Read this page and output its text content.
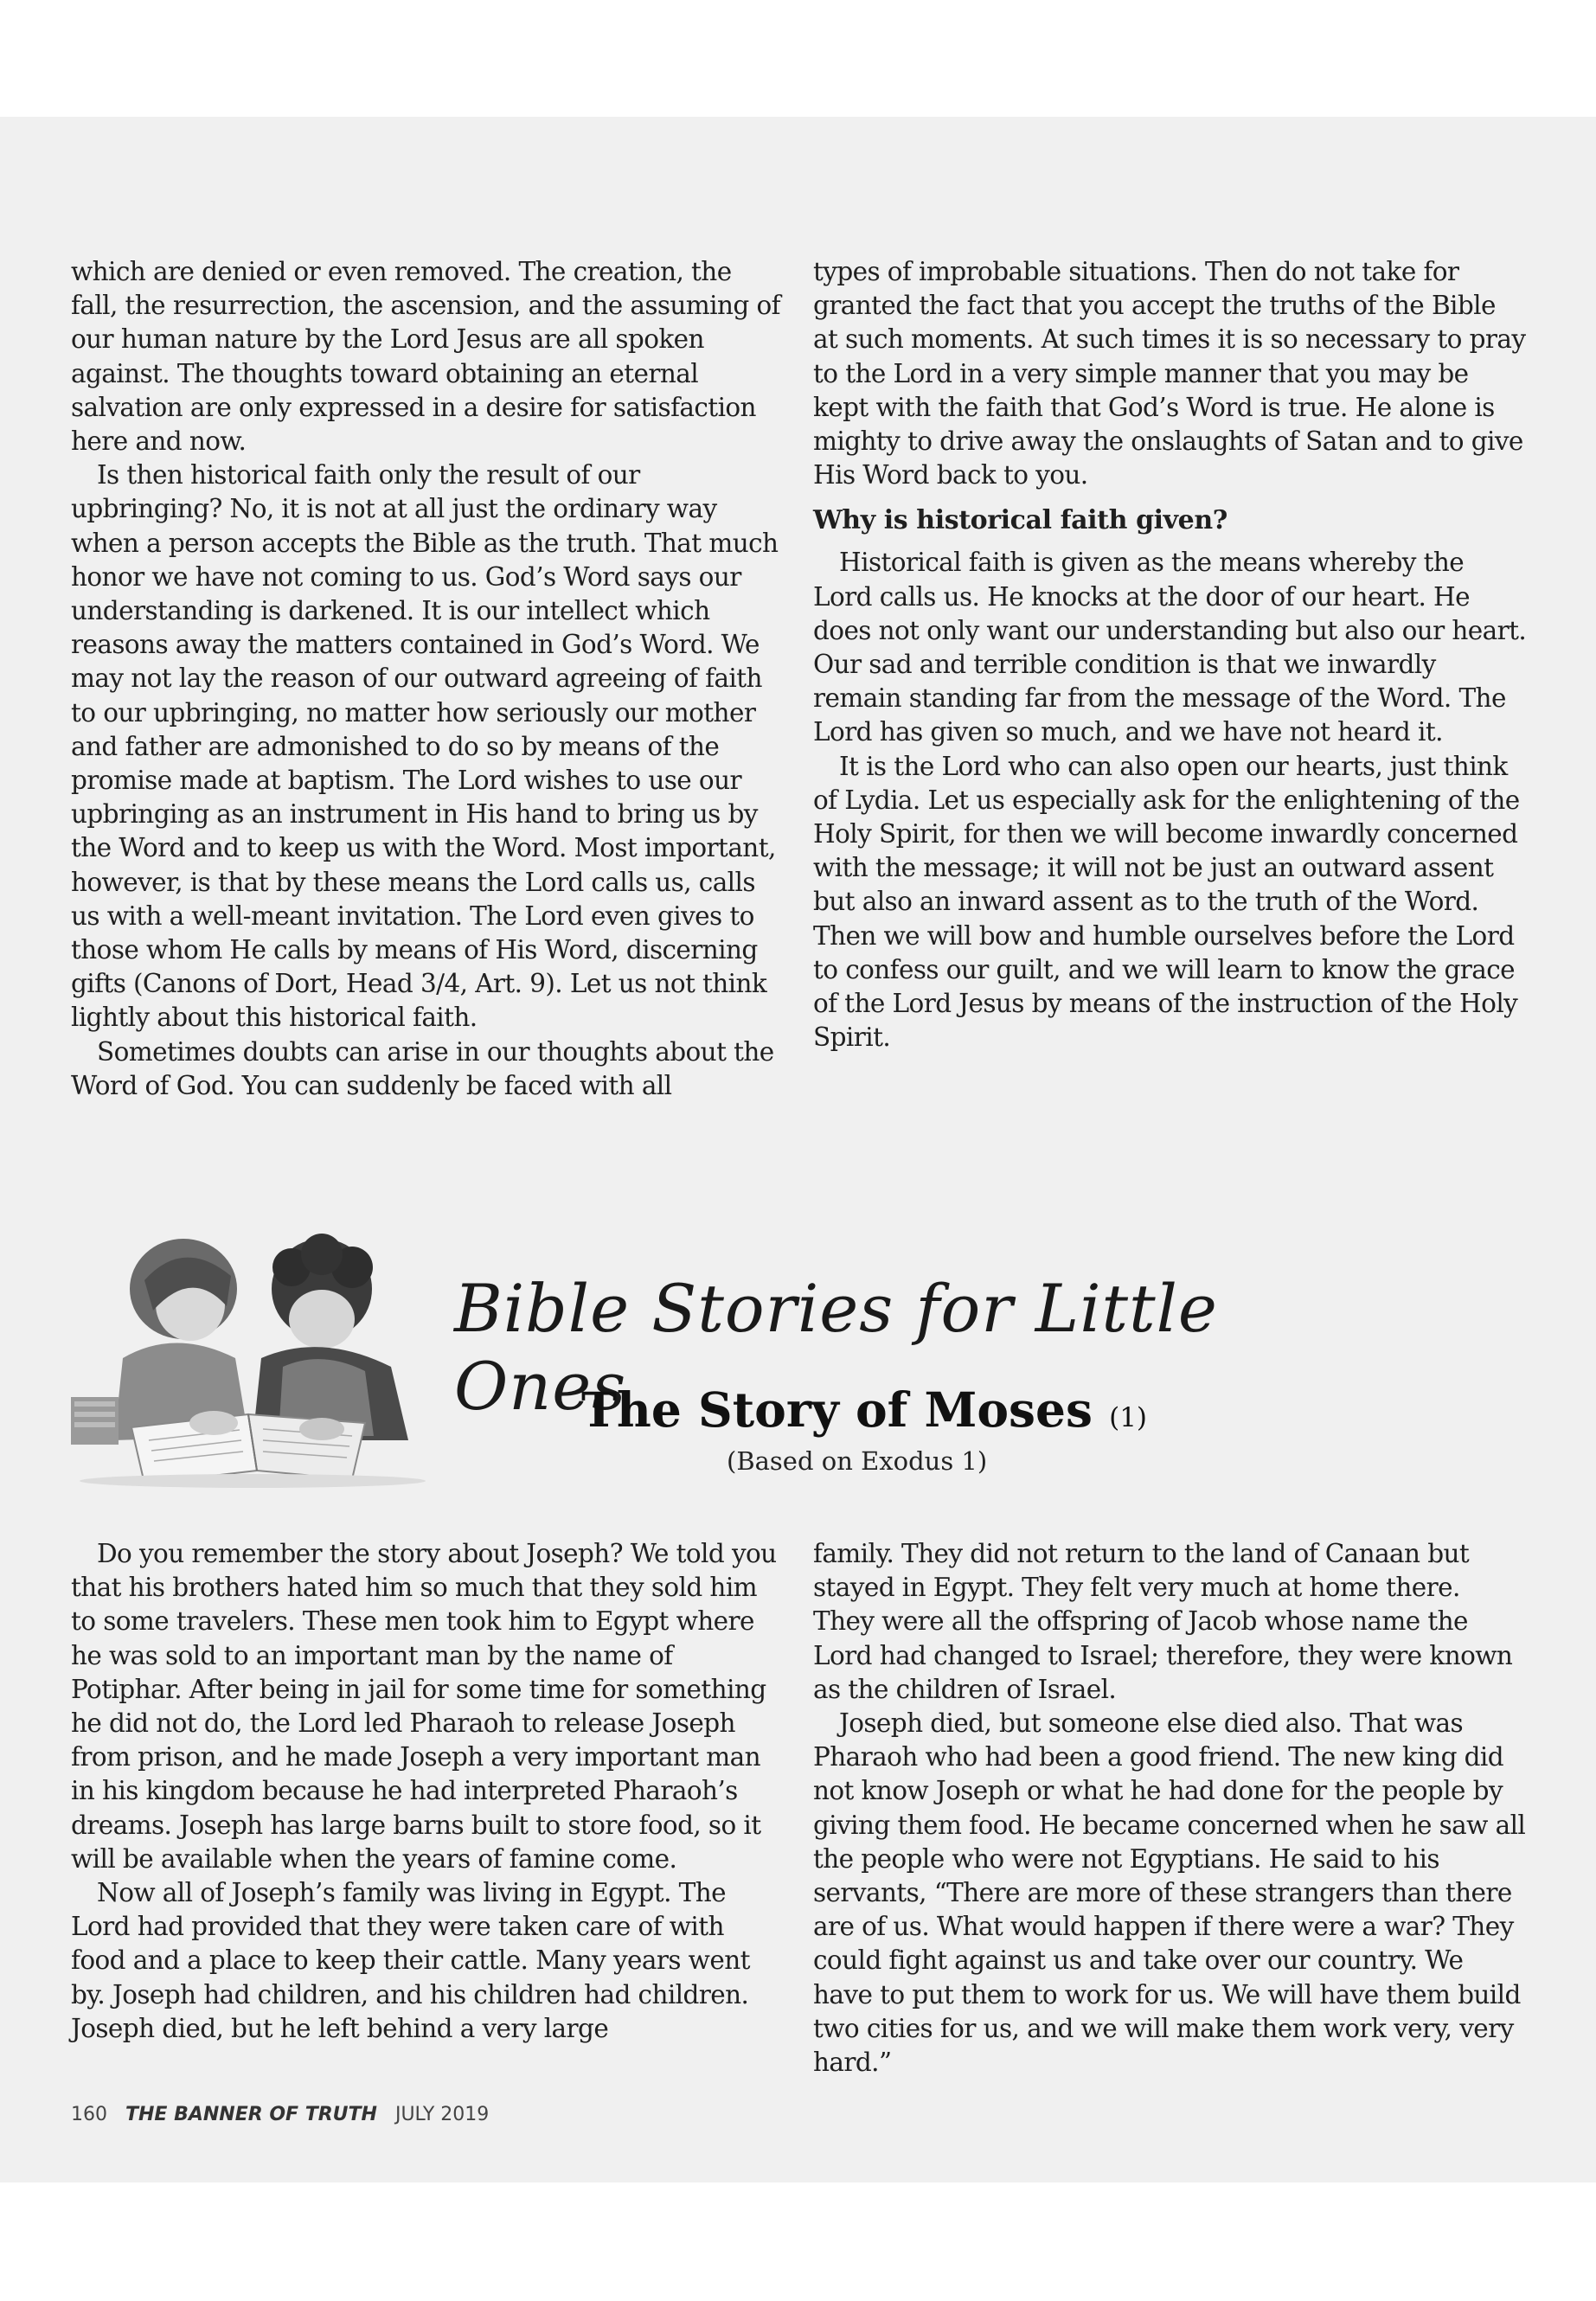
which are denied or even removed. The creation, the fall, the resurrection, the ascension, and the assuming of our human nature by the Lord Jesus are all spoken against. The thoughts toward obtaining an eternal salvation are only expressed in a desire for satisfaction here and now.

Is then historical faith only the result of our upbringing? No, it is not at all just the ordinary way when a person accepts the Bible as the truth. That much honor we have not coming to us. God’s Word says our understanding is darkened. It is our intellect which reasons away the matters contained in God’s Word. We may not lay the reason of our outward agreeing of faith to our upbringing, no matter how seriously our mother and father are admonished to do so by means of the promise made at baptism. The Lord wishes to use our upbringing as an instrument in His hand to bring us by the Word and to keep us with the Word. Most important, however, is that by these means the Lord calls us, calls us with a well-meant invitation. The Lord even gives to those whom He calls by means of His Word, discerning gifts (Canons of Dort, Head 3/4, Art. 9). Let us not think lightly about this historical faith.

Sometimes doubts can arise in our thoughts about the Word of God. You can suddenly be faced with all

types of improbable situations. Then do not take for granted the fact that you accept the truths of the Bible at such moments. At such times it is so necessary to pray to the Lord in a very simple manner that you may be kept with the faith that God’s Word is true. He alone is mighty to drive away the onslaughts of Satan and to give His Word back to you.

Why is historical faith given?

Historical faith is given as the means whereby the Lord calls us. He knocks at the door of our heart. He does not only want our understanding but also our heart. Our sad and terrible condition is that we inwardly remain standing far from the message of the Word. The Lord has given so much, and we have not heard it.

It is the Lord who can also open our hearts, just think of Lydia. Let us especially ask for the enlightening of the Holy Spirit, for then we will become inwardly concerned with the message; it will not be just an outward assent but also an inward assent as to the truth of the Word. Then we will bow and humble ourselves before the Lord to confess our guilt, and we will learn to know the grace of the Lord Jesus by means of the instruction of the Holy Spirit.

Bible Stories for Little Ones
The Story of Moses (1)
(Based on Exodus 1)

Do you remember the story about Joseph? We told you that his brothers hated him so much that they sold him to some travelers. These men took him to Egypt where he was sold to an important man by the name of Potiphar. After being in jail for some time for something he did not do, the Lord led Pharaoh to release Joseph from prison, and he made Joseph a very important man in his kingdom because he had interpreted Pharaoh’s dreams. Joseph has large barns built to store food, so it will be available when the years of famine come.

Now all of Joseph’s family was living in Egypt. The Lord had provided that they were taken care of with food and a place to keep their cattle. Many years went by. Joseph had children, and his children had children. Joseph died, but he left behind a very large

family. They did not return to the land of Canaan but stayed in Egypt. They felt very much at home there. They were all the offspring of Jacob whose name the Lord had changed to Israel; therefore, they were known as the children of Israel.

Joseph died, but someone else died also. That was Pharaoh who had been a good friend. The new king did not know Joseph or what he had done for the people by giving them food. He became concerned when he saw all the people who were not Egyptians. He said to his servants, “There are more of these strangers than there are of us. What would happen if there were a war? They could fight against us and take over our country. We have to put them to work for us. We will have them build two cities for us, and we will make them work very, very hard.”

160 THE BANNER OF TRUTH JULY 2019
